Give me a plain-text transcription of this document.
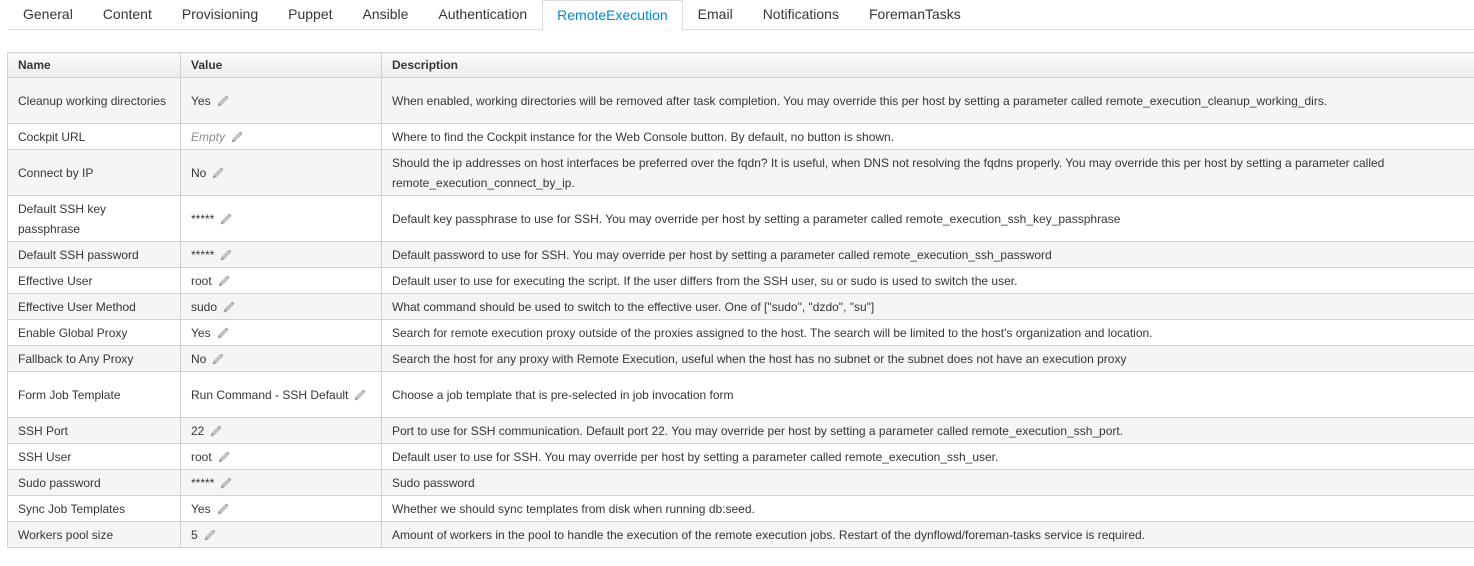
General	Content	Provisioning	Puppet	Ansible	Authentication	RemoteExecution	Email	Notifications	ForemanTasks
Name	Value	Description
Cleanup working directories	Yes	When enabled, working directories will be removed after task completion. You may override this per host by setting a parameter called remote_execution_cleanup_working_dirs.
Cockpit URL	Empty	Where to find the Cockpit instance for the Web Console button. By default, no button is shown.
Connect by IP	No	Should the ip addresses on host interfaces be preferred over the fqdn? It is useful, when DNS not resolving the fqdns properly. You may override this per host by setting a parameter called remote_execution_connect_by_ip.
Default SSH key passphrase	*****	Default key passphrase to use for SSH. You may override per host by setting a parameter called remote_execution_ssh_key_passphrase
Default SSH password	*****	Default password to use for SSH. You may override per host by setting a parameter called remote_execution_ssh_password
Effective User	root	Default user to use for executing the script. If the user differs from the SSH user, su or sudo is used to switch the user.
Effective User Method	sudo	What command should be used to switch to the effective user. One of ["sudo", "dzdo", "su"]
Enable Global Proxy	Yes	Search for remote execution proxy outside of the proxies assigned to the host. The search will be limited to the host's organization and location.
Fallback to Any Proxy	No	Search the host for any proxy with Remote Execution, useful when the host has no subnet or the subnet does not have an execution proxy
Form Job Template	Run Command - SSH Default	Choose a job template that is pre-selected in job invocation form
SSH Port	22	Port to use for SSH communication. Default port 22. You may override per host by setting a parameter called remote_execution_ssh_port.
SSH User	root	Default user to use for SSH. You may override per host by setting a parameter called remote_execution_ssh_user.
Sudo password	*****	Sudo password
Sync Job Templates	Yes	Whether we should sync templates from disk when running db:seed.
Workers pool size	5	Amount of workers in the pool to handle the execution of the remote execution jobs. Restart of the dynflowd/foreman-tasks service is required.
